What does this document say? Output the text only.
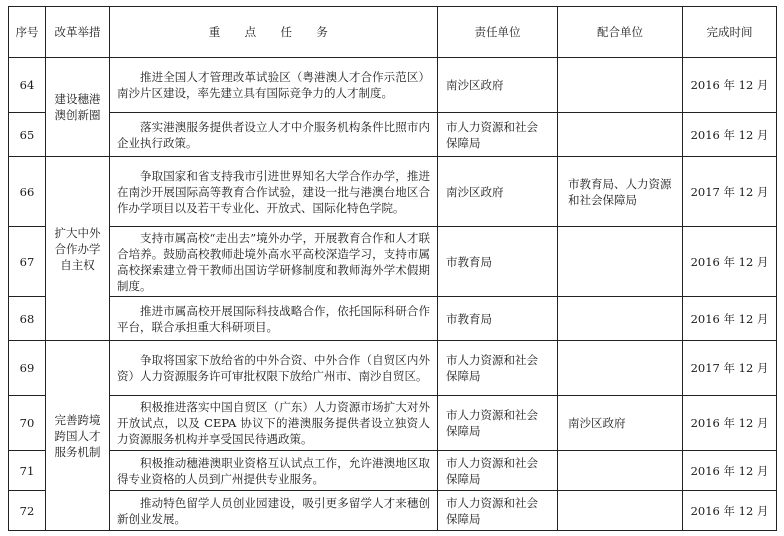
序号	改革举措	重 点 任 务	责任单位	配合单位	完成时间
64	建设穗港澳创新圈	推进全国人才管理改革试验区（粤港澳人才合作示范区）南沙片区建设，率先建立具有国际竞争力的人才制度。	南沙区政府		2016 年 12 月
65		落实港澳服务提供者设立人才中介服务机构条件比照市内企业执行政策。	市人力资源和社会保障局		2016 年 12 月
66	扩大中外合作办学自主权	争取国家和省支持我市引进世界知名大学合作办学，推进在南沙开展国际高等教育合作试验，建设一批与港澳台地区合作办学项目以及若干专业化、开放式、国际化特色学院。	南沙区政府	市教育局、人力资源和社会保障局	2017 年 12 月
67		支持市属高校“走出去”境外办学，开展教育合作和人才联合培养。鼓励高校教师赴境外高水平高校深造学习，支持市属高校探索建立骨干教师出国访学研修制度和教师海外学术假期制度。	市教育局		2016 年 12 月
68		推进市属高校开展国际科技战略合作，依托国际科研合作平台，联合承担重大科研项目。	市教育局		2016 年 12 月
69	完善跨境跨国人才服务机制	争取将国家下放给省的中外合资、中外合作（自贸区内外资）人力资源服务许可审批权限下放给广州市、南沙自贸区。	市人力资源和社会保障局		2017 年 12 月
70		积极推进落实中国自贸区（广东）人力资源市场扩大对外开放试点，以及 CEPA 协议下的港澳服务提供者设立独资人力资源服务机构并享受国民待遇政策。	市人力资源和社会保障局	南沙区政府	2016 年 12 月
71		积极推动穗港澳职业资格互认试点工作，允许港澳地区取得专业资格的人员到广州提供专业服务。	市人力资源和社会保障局		2016 年 12 月
72		推动特色留学人员创业园建设，吸引更多留学人才来穗创新创业发展。	市人力资源和社会保障局		2016 年 12 月
